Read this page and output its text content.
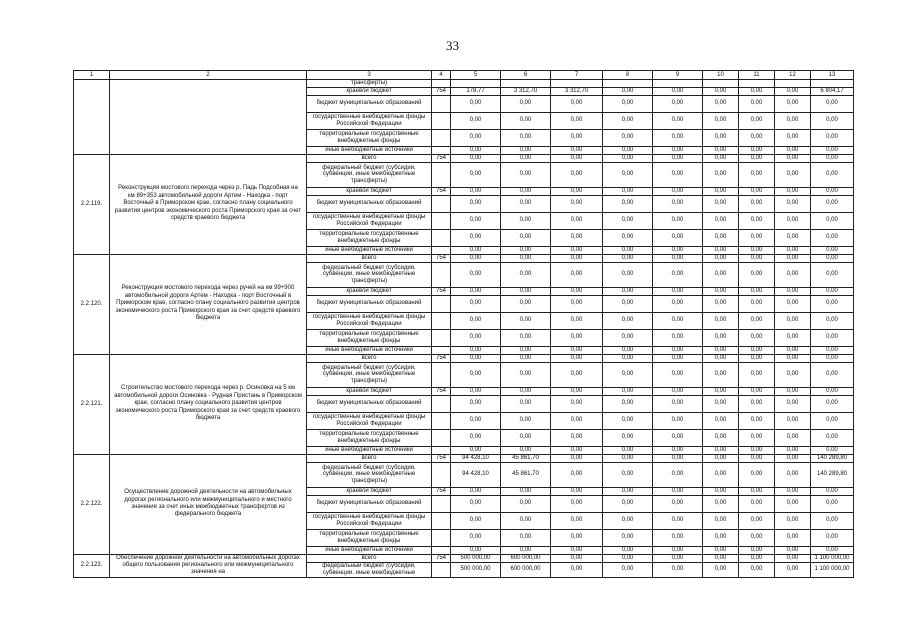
33
1	2	3	4	5	6	7	8	9	10	11	12	13
		трансферты)										
		краевой бюджет	754	178,77	3 312,70	3 312,70	0,00	0,00	0,00	0,00	0,00	6 804,17
		бюджет муниципальных образований		0,00	0,00	0,00	0,00	0,00	0,00	0,00	0,00	0,00
		государственные внебюджетные фонды Российской Федерации		0,00	0,00	0,00	0,00	0,00	0,00	0,00	0,00	0,00
		территориальные государственные внебюджетные фонды		0,00	0,00	0,00	0,00	0,00	0,00	0,00	0,00	0,00
		иные внебюджетные источники		0,00	0,00	0,00	0,00	0,00	0,00	0,00	0,00	0,00
2.2.119.	Реконструкция мостового перехода через р. Падь Подсобная на км 89+353 автомобильной дороги Артем - Находка - порт Восточный в Приморском крае, согласно плану социального развития центров экономического роста Приморского края за счет средств краевого бюджета	всего	754	0,00	0,00	0,00	0,00	0,00	0,00	0,00	0,00	0,00
		федеральный бюджет (субсидии, субвенции, иные межбюджетные трансферты)		0,00	0,00	0,00	0,00	0,00	0,00	0,00	0,00	0,00
		краевой бюджет	754	0,00	0,00	0,00	0,00	0,00	0,00	0,00	0,00	0,00
		бюджет муниципальных образований		0,00	0,00	0,00	0,00	0,00	0,00	0,00	0,00	0,00
		государственные внебюджетные фонды Российской Федерации		0,00	0,00	0,00	0,00	0,00	0,00	0,00	0,00	0,00
		территориальные государственные внебюджетные фонды		0,00	0,00	0,00	0,00	0,00	0,00	0,00	0,00	0,00
		иные внебюджетные источники		0,00	0,00	0,00	0,00	0,00	0,00	0,00	0,00	0,00
2.2.120.	Реконструкция мостового перехода через ручей на км 99+900 автомобильной дороги Артем - Находка - порт Восточный в Приморском крае, согласно плану социального развития центров экономического роста Приморского края за счет средств краевого бюджета	всего	754	0,00	0,00	0,00	0,00	0,00	0,00	0,00	0,00	0,00
		федеральный бюджет (субсидии, субвенции, иные межбюджетные трансферты)		0,00	0,00	0,00	0,00	0,00	0,00	0,00	0,00	0,00
		краевой бюджет	754	0,00	0,00	0,00	0,00	0,00	0,00	0,00	0,00	0,00
		бюджет муниципальных образований		0,00	0,00	0,00	0,00	0,00	0,00	0,00	0,00	0,00
		государственные внебюджетные фонды Российской Федерации		0,00	0,00	0,00	0,00	0,00	0,00	0,00	0,00	0,00
		территориальные государственные внебюджетные фонды		0,00	0,00	0,00	0,00	0,00	0,00	0,00	0,00	0,00
		иные внебюджетные источники		0,00	0,00	0,00	0,00	0,00	0,00	0,00	0,00	0,00
2.2.121.	Строительство мостового перехода через р. Осиновка на 5 км автомобильной дороги Осиновка - Рудная Пристань в Приморском крае, согласно плану социального развития центров экономического роста Приморского края за счет средств краевого бюджета	всего	754	0,00	0,00	0,00	0,00	0,00	0,00	0,00	0,00	0,00
		федеральный бюджет (субсидии, субвенции, иные межбюджетные трансферты)		0,00	0,00	0,00	0,00	0,00	0,00	0,00	0,00	0,00
		краевой бюджет	754	0,00	0,00	0,00	0,00	0,00	0,00	0,00	0,00	0,00
		бюджет муниципальных образований		0,00	0,00	0,00	0,00	0,00	0,00	0,00	0,00	0,00
		государственные внебюджетные фонды Российской Федерации		0,00	0,00	0,00	0,00	0,00	0,00	0,00	0,00	0,00
		территориальные государственные внебюджетные фонды		0,00	0,00	0,00	0,00	0,00	0,00	0,00	0,00	0,00
		иные внебюджетные источники		0,00	0,00	0,00	0,00	0,00	0,00	0,00	0,00	0,00
2.2.122.	Осуществление дорожной деятельности на автомобильных дорогах регионального или межмуниципального и местного значения за счет иных межбюджетных трансфертов из федерального бюджета	всего	754	94 428,10	45 861,70	0,00	0,00	0,00	0,00	0,00	0,00	140 289,80
		федеральный бюджет (субсидии, субвенции, иные межбюджетные трансферты)		94 428,10	45 861,70	0,00	0,00	0,00	0,00	0,00	0,00	140 289,80
		краевой бюджет	754	0,00	0,00	0,00	0,00	0,00	0,00	0,00	0,00	0,00
		бюджет муниципальных образований		0,00	0,00	0,00	0,00	0,00	0,00	0,00	0,00	0,00
		государственные внебюджетные фонды Российской Федерации		0,00	0,00	0,00	0,00	0,00	0,00	0,00	0,00	0,00
		территориальные государственные внебюджетные фонды		0,00	0,00	0,00	0,00	0,00	0,00	0,00	0,00	0,00
		иные внебюджетные источники		0,00	0,00	0,00	0,00	0,00	0,00	0,00	0,00	0,00
2.2.123.	Обеспечение дорожной деятельности на автомобильных дорогах общего пользования регионального или межмуниципального значения на	всего	754	500 000,00	600 000,00	0,00	0,00	0,00	0,00	0,00	0,00	1 100 000,00
		федеральный бюджет (субсидии, субвенции, иные межбюджетные		500 000,00	600 000,00	0,00	0,00	0,00	0,00	0,00	0,00	1 100 000,00
